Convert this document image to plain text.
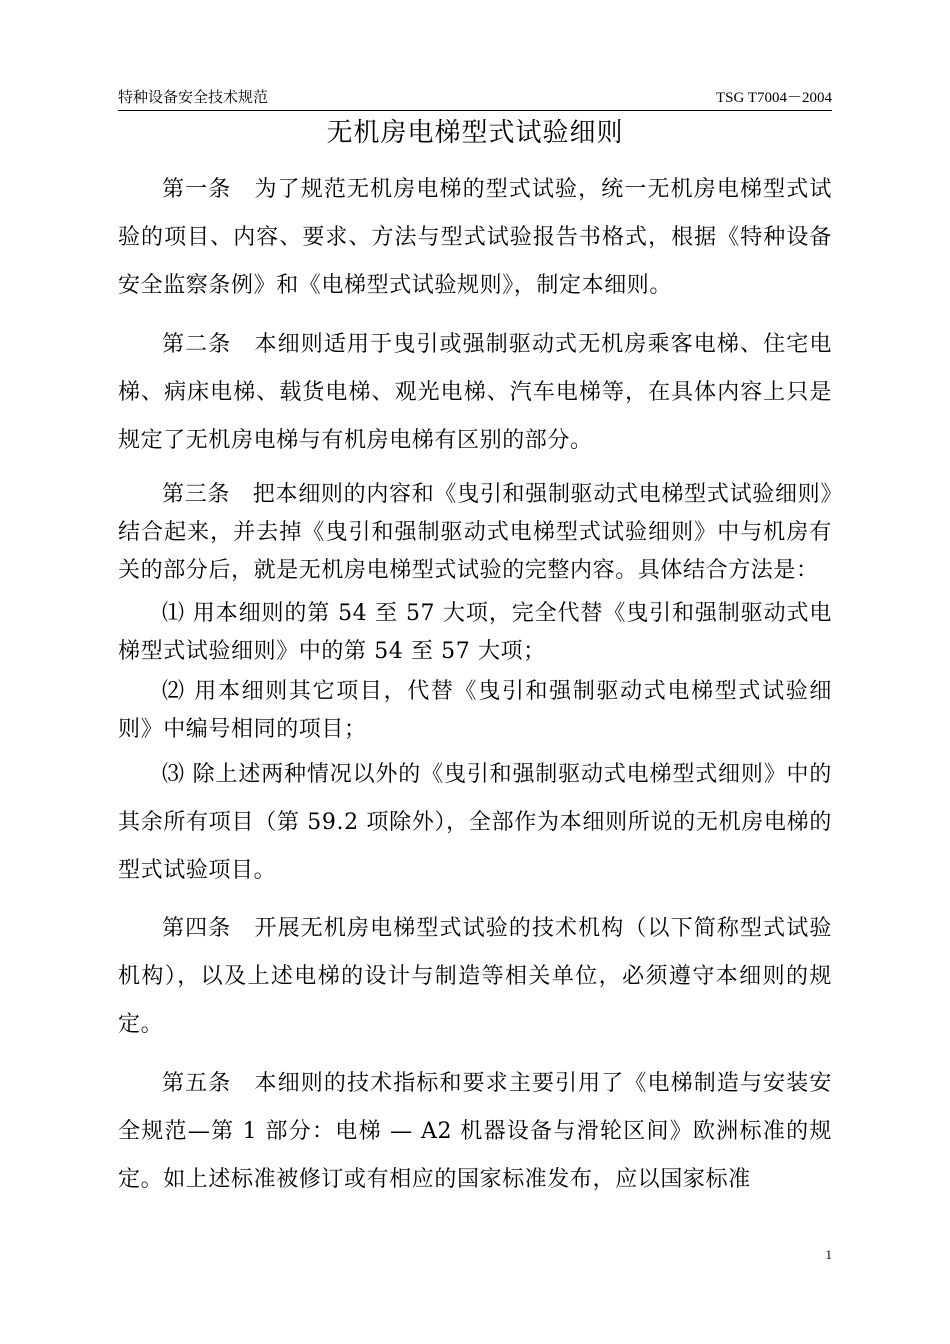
特种设备安全技术规范	TSG T7004－2004
无机房电梯型式试验细则

第一条　为了规范无机房电梯的型式试验，统一无机房电梯型式试验的项目、内容、要求、方法与型式试验报告书格式，根据《特种设备安全监察条例》和《电梯型式试验规则》，制定本细则。

第二条　本细则适用于曳引或强制驱动式无机房乘客电梯、住宅电梯、病床电梯、载货电梯、观光电梯、汽车电梯等，在具体内容上只是规定了无机房电梯与有机房电梯有区别的部分。

第三条　把本细则的内容和《曳引和强制驱动式电梯型式试验细则》结合起来，并去掉《曳引和强制驱动式电梯型式试验细则》中与机房有关的部分后，就是无机房电梯型式试验的完整内容。具体结合方法是：

⑴ 用本细则的第 54 至 57 大项，完全代替《曳引和强制驱动式电梯型式试验细则》中的第 54 至 57 大项；

⑵ 用本细则其它项目，代替《曳引和强制驱动式电梯型式试验细则》中编号相同的项目；

⑶ 除上述两种情况以外的《曳引和强制驱动式电梯型式细则》中的其余所有项目（第 59.2 项除外），全部作为本细则所说的无机房电梯的型式试验项目。

第四条　开展无机房电梯型式试验的技术机构（以下简称型式试验机构），以及上述电梯的设计与制造等相关单位，必须遵守本细则的规定。

第五条　本细则的技术指标和要求主要引用了《电梯制造与安装安全规范—第 1 部分：电梯 — A2 机器设备与滑轮区间》欧洲标准的规定。如上述标准被修订或有相应的国家标准发布，应以国家标准

1
